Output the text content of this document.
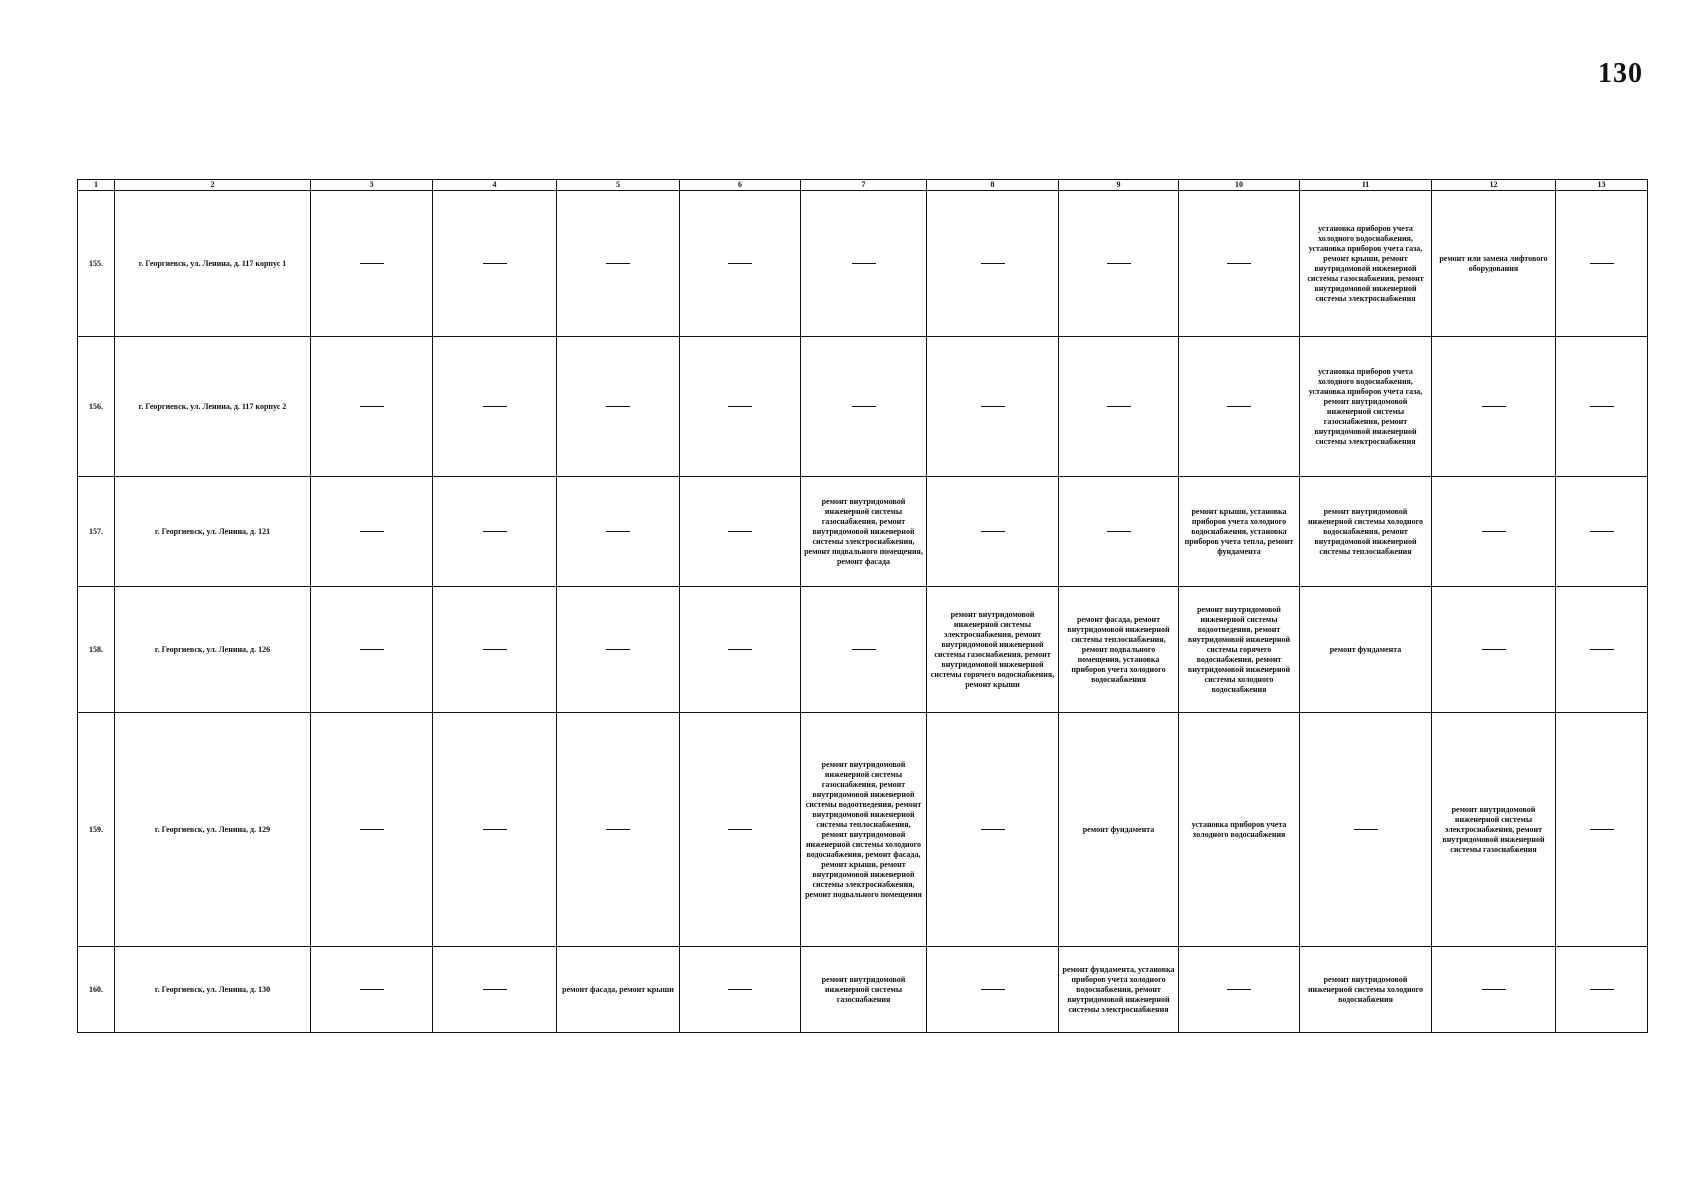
130
1	2	3	4	5	6	7	8	9	10	11	12	13
155.	г. Георгиевск, ул. Ленина, д. 117 корпус 1									установка приборов учета холодного водоснабжения, установка приборов учета газа, ремонт крыши, ремонт внутридомовой инженерной системы газоснабжения, ремонт внутридомовой инженерной системы электроснабжения	ремонт или замена лифтового оборудования	
156.	г. Георгиевск, ул. Ленина, д. 117 корпус 2									установка приборов учета холодного водоснабжения, установка приборов учета газа, ремонт внутридомовой инженерной системы газоснабжения, ремонт внутридомовой инженерной системы электроснабжения		
157.	г. Георгиевск, ул. Ленина, д. 121					ремонт внутридомовой инженерной системы газоснабжения, ремонт внутридомовой инженерной системы электроснабжения, ремонт подвального помещения, ремонт фасада			ремонт крыши, установка приборов учета холодного водоснабжения, установка приборов учета тепла, ремонт фундамента	ремонт внутридомовой инженерной системы холодного водоснабжения, ремонт внутридомовой инженерной системы теплоснабжения		
158.	г. Георгиевск, ул. Ленина, д. 126						ремонт внутридомовой инженерной системы электроснабжения, ремонт внутридомовой инженерной системы газоснабжения, ремонт внутридомовой инженерной системы горячего водоснабжения, ремонт крыши	ремонт фасада, ремонт внутридомовой инженерной системы теплоснабжения, ремонт подвального помещения, установка приборов учета холодного водоснабжения	ремонт внутридомовой инженерной системы водоотведения, ремонт внутридомовой инженерной системы горячего водоснабжения, ремонт внутридомовой инженерной системы холодного водоснабжения	ремонт фундамента		
159.	г. Георгиевск, ул. Ленина, д. 129					ремонт внутридомовой инженерной системы газоснабжения, ремонт внутридомовой инженерной системы водоотведения, ремонт внутридомовой инженерной системы теплоснабжения, ремонт внутридомовой инженерной системы холодного водоснабжения, ремонт фасада, ремонт крыши, ремонт внутридомовой инженерной системы электроснабжения, ремонт подвального помещения		ремонт фундамента	установка приборов учета холодного водоснабжения		ремонт внутридомовой инженерной системы электроснабжения, ремонт внутридомовой инженерной системы газоснабжения	
160.	г. Георгиевск, ул. Ленина, д. 130			ремонт фасада, ремонт крыши		ремонт внутридомовой инженерной системы газоснабжения		ремонт фундамента, установка приборов учета холодного водоснабжения, ремонт внутридомовой инженерной системы электроснабжения		ремонт внутридомовой инженерной системы холодного водоснабжения		
